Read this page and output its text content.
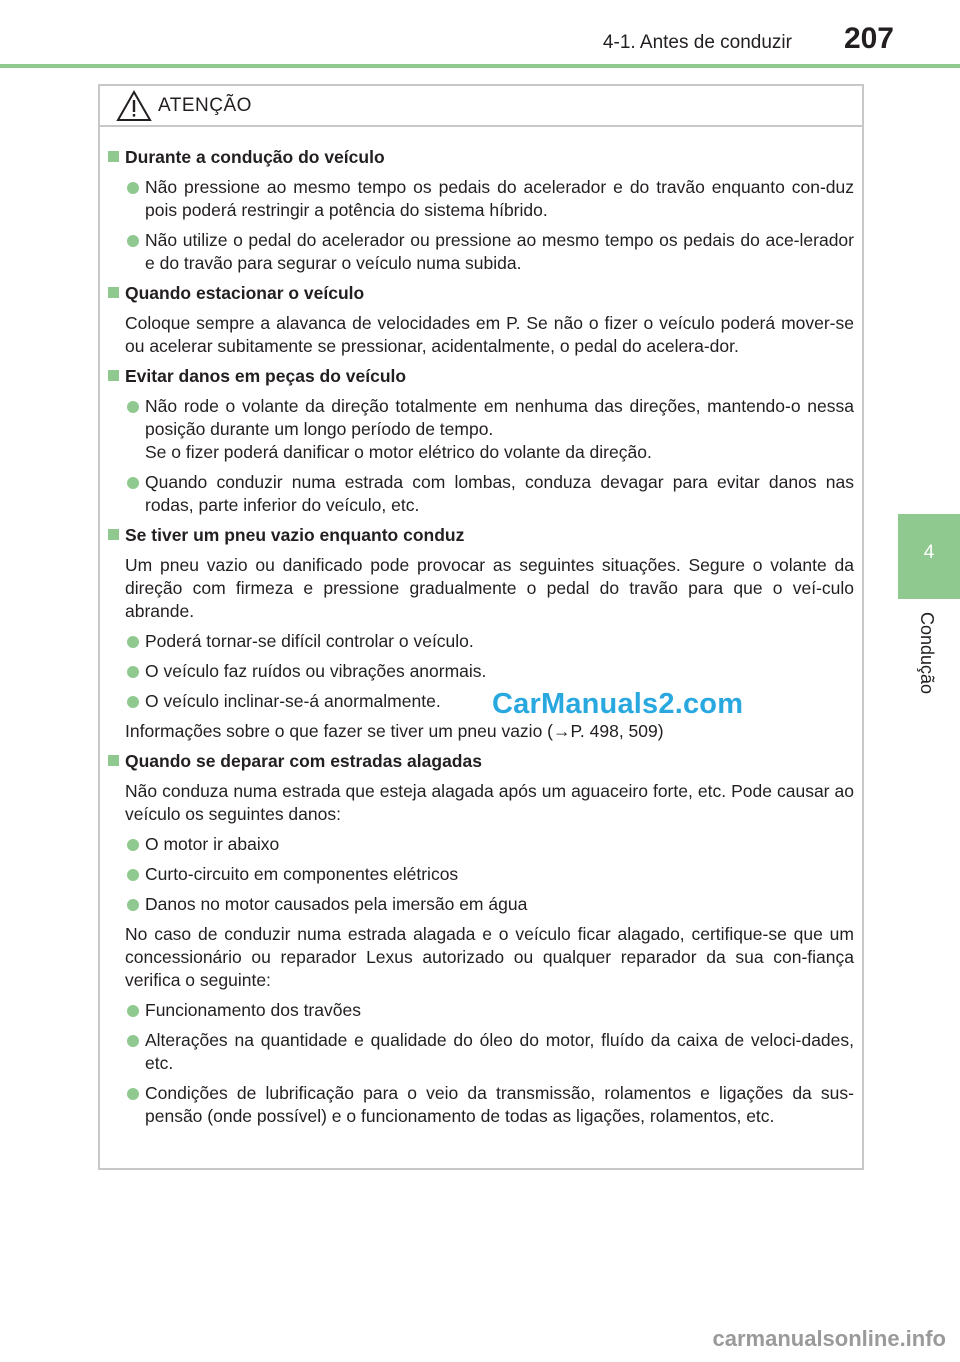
4-1. Antes de conduzir 207
4
Condução
ATENÇÃO
Durante a condução do veículo
Não pressione ao mesmo tempo os pedais do acelerador e do travão enquanto con-duz pois poderá restringir a potência do sistema híbrido.
Não utilize o pedal do acelerador ou pressione ao mesmo tempo os pedais do ace-lerador e do travão para segurar o veículo numa subida.
Quando estacionar o veículo
Coloque sempre a alavanca de velocidades em P. Se não o fizer o veículo poderá mover-se ou acelerar subitamente se pressionar, acidentalmente, o pedal do acelera-dor.
Evitar danos em peças do veículo
Não rode o volante da direção totalmente em nenhuma das direções, mantendo-o nessa posição durante um longo período de tempo.
Se o fizer poderá danificar o motor elétrico do volante da direção.
Quando conduzir numa estrada com lombas, conduza devagar para evitar danos nas rodas, parte inferior do veículo, etc.
Se tiver um pneu vazio enquanto conduz
Um pneu vazio ou danificado pode provocar as seguintes situações. Segure o volante da direção com firmeza e pressione gradualmente o pedal do travão para que o veí-culo abrande.
Poderá tornar-se difícil controlar o veículo.
O veículo faz ruídos ou vibrações anormais.
O veículo inclinar-se-á anormalmente.
Informações sobre o que fazer se tiver um pneu vazio (→P. 498, 509)
Quando se deparar com estradas alagadas
Não conduza numa estrada que esteja alagada após um aguaceiro forte, etc. Pode causar ao veículo os seguintes danos:
O motor ir abaixo
Curto-circuito em componentes elétricos
Danos no motor causados pela imersão em água
No caso de conduzir numa estrada alagada e o veículo ficar alagado, certifique-se que um concessionário ou reparador Lexus autorizado ou qualquer reparador da sua con-fiança verifica o seguinte:
Funcionamento dos travões
Alterações na quantidade e qualidade do óleo do motor, fluído da caixa de veloci-dades, etc.
Condições de lubrificação para o veio da transmissão, rolamentos e ligações da sus-pensão (onde possível) e o funcionamento de todas as ligações, rolamentos, etc.
CarManuals2.com
carmanualsonline.info
